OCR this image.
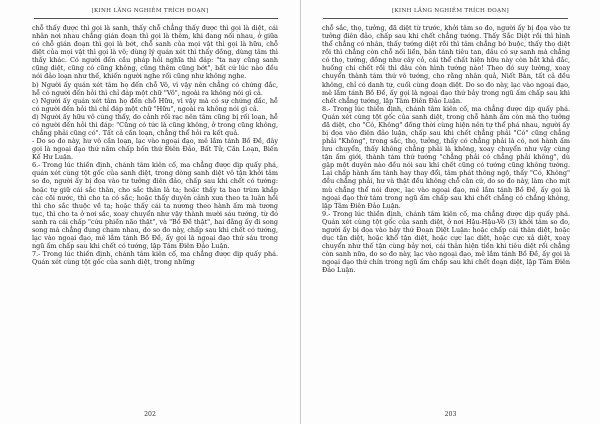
[KINH LĂNG NGHIÊM TRÍCH ĐOẠN]

chỗ thấy được thì gọi là sanh, thấy chỗ chẳng thấy được thì gọi là diệt, cái nhân nơi nhau chẳng gián đoạn thì gọi là thêm, khi đang nối nhau, ở giữa có chỗ gián đoạn thì gọi là bớt, chỗ sanh của mọi vật thì gọi là hữu, chỗ diệt của mọi vật thì gọi là vô; dùng lý quán xét thì thấy dồng, dùng tâm thì thấy khác. Có người đến cầu pháp hỏi nghĩa thì đáp: "ta nay cũng sanh cũng diệt, cũng có cũng không, cũng thêm cũng bớt", bất cứ lúc nào đều nói đảo loạn như thế, khiến người nghe rối cũng như không nghe.

b) Người ấy quán xét tâm họ đến chỗ Vô, vì vậy nên chẳng có chứng đắc, hễ có người đến hỏi thì chỉ đáp một chữ "Vô", ngoài ra không nói gì cả.

c) Người ấy quán xét tâm họ đến chỗ Hữu, vì vậy mà có sự chứng đắc, hễ có người đến hỏi thì chỉ đáp một chữ "Hữu", ngoài ra không nói gì cả.

d) Người ấy hữu vô cùng thấy, do cảnh rối rạc nên tâm cũng bị rối loạn, hễ có người đến hỏi thì đáp: "Cũng có tức là cũng không, ở trong cũng không, chẳng phải cũng có". Tất cả cần loạn, chẳng thể hỏi ra kết quả.

- Do so đo này, hư vô cần loạn, lạc vào ngoại đạo, mê lầm tánh Bồ Đề, đây gọi là ngoại đạo thứ năm chấp bốn thứ Điên Đảo, Bất Tử, Căn Loạn, Biến Kế Hư Luận.

6.- Trong lúc thiền định, chánh tâm kiên cố, ma chẳng được dịp quấy phá, quán xét cùng tột gốc của sanh diệt, trong dòng sanh diệt vô tận khởi tâm so đo, người ấy bị đọa vào tư tưởng điên đảo, chấp sau khi chết có tướng: hoặc tự giữ cái sắc thân, cho sắc thân là ta; hoặc thấy ta bao trùm khắp các cõi nước, thì cho ta có sắc; hoặc thấy duyên cảnh xưa theo ta luân hồi thì cho sắc thuộc về ta; hoặc thấy cái ta nương theo hành ấm mà tương tục, thì cho ta ở nơi sắc, xoay chuyển như vậy thành mười sáu tướng, từ đó sanh ra cái chấp "cứu phiền não thật", và "Bồ Đề thật", hai đằng ấy đi song song mà chẳng đụng chạm nhau, do so đo này, chấp sau khi chết có tướng, lạc vào ngoại đạo, mê lầm tánh Bồ Đề, ấy gọi là ngoại đạo thứ sáu trong ngũ ấm chấp sau khi chết có tướng, lập Tâm Điên Đảo Luận.

7.- Trong lúc thiền định, chánh tâm kiên cố, ma chẳng được dịp quấy phá. Quán xét cùng tột gốc của sanh diệt, trong những

202
[KINH LĂNG NGHIÊM TRÍCH ĐOẠN]

chỗ sắc, thọ, tưởng, đã diệt từ trước, khởi tâm so đo, người ấy bị đọa vào tư tưởng điên đảo, chấp sau khi chết chẳng tướng. Thấy Sắc Diệt rồi thì hình thể chẳng có nhân, thấy tướng diệt rồi thì tâm chẳng bó buộc, thấy thọ diệt rồi thì chẳng còn chỗ nối liền, bản tánh tiêu tan, đâu có sự sanh mà chẳng có thọ, tướng, đồng như cây cỏ, cái thể chất hiện hữu này còn bắt khả đắc, huống chi chết rồi thì đâu còn hình tướng nào! Theo đó suy lường, xoay chuyển thành tám thứ vô tướng, cho rằng nhân quả, Niết Bàn, tất cả đều không, chỉ có danh tự, cuối cùng đoạn diệt. Do so đo này, lạc vào ngoại đạo, mê lầm tánh Bồ Đề, ấy gọi là ngoại đạo thứ bảy trong ngũ ấm chấp sau khi chết chẳng tướng, lập Tâm Điên Đảo Luận.

8.- Trong lúc thiền định, chánh tâm kiên cố, ma chẳng được dịp quấy phá. Quán xét cùng tột gốc của sanh diệt, trong chỗ hành ấm còn mà thọ tưởng đã diệt, cho "Có, Không" đồng thời cùng hiện nên tự thể phá nhau, người ấy bị đọa vào điên đảo luận, chấp sau khi chết chẳng phải "Có" cũng chẳng phải "Không", trong sắc, thọ, tưởng, thấy có chẳng phải là có, nơi hành ấm lưu chuyển, thấy không chẳng phải là không, xoay chuyển như vậy cùng tận ấm giới, thành tám thứ tướng "chẳng phải có chẳng phải không", dù gặp một duyên nào đều nói sau khi chết cũng có tướng cũng không tướng. Lại chấp hành ấm tánh hay thay đổi, tâm phát thông ngộ, thấy "Có, Không" đều chẳng phải, hư và thật đều không chỗ căn cứ, do so đo này, làm cho mịt mù chẳng thể nói được, lạc vào ngoại đạo, mê lầm tánh Bồ Đề, ấy gọi là ngoại đạo thứ tám trong ngũ ấm chấp sau khi chết chẳng có chẳng không, lập Tâm Điên Đảo Luận.

9.- Trong lúc thiền định, chánh tâm kiên cố, ma chẳng được dịp quấy phá. Quán xét cùng tột gốc của sanh diệt, ở nơi Hậu-Hậu-Vô (3) khởi tâm so đo, người ấy bị đọa vào bảy thứ Đoạn Diệt Luận: hoặc chấp cái thân diệt, hoặc dục tận diệt, hoặc khổ tận diệt, hoặc cực lạc diệt, hoặc cực xả diệt, xoay chuyển như thế tận cùng bảy nơi, cái thân hiện tiền khi tiêu diệt rồi chẳng còn sanh nữa, do so đo này, lạc vào ngoại đạo, mê lầm tánh Bồ Đề, ấy gọi là ngoại đạo thứ chín trong ngũ ấm chấp sau khi chết đoạn diệt, lập Tâm Điên Đảo Luận.

203
